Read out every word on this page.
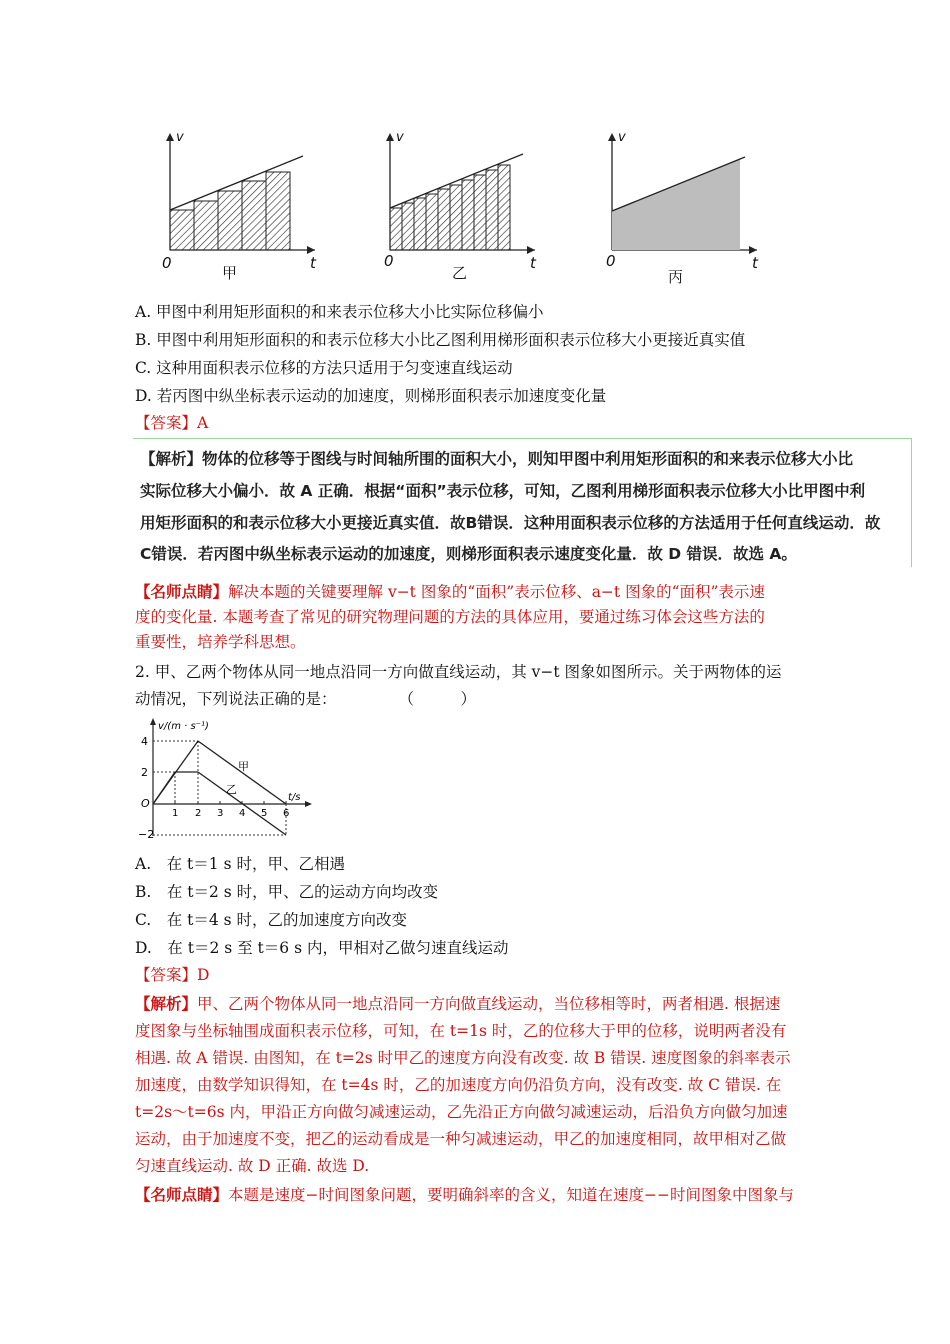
v
0	t
甲
v
0	t
乙
v
0	t
丙
A. 甲图中利用矩形面积的和来表示位移大小比实际位移偏小
B. 甲图中利用矩形面积的和表示位移大小比乙图利用梯形面积表示位移大小更接近真实值
C. 这种用面积表示位移的方法只适用于匀变速直线运动
D. 若丙图中纵坐标表示运动的加速度，则梯形面积表示加速度变化量
【答案】A
【解析】物体的位移等于图线与时间轴所围的面积大小，则知甲图中利用矩形面积的和来表示位移大小比
实际位移大小偏小．故 A 正确．根据“面积”表示位移，可知，乙图利用梯形面积表示位移大小比甲图中利
用矩形面积的和表示位移大小更接近真实值．故B错误．这种用面积表示位移的方法适用于任何直线运动．故
C错误．若丙图中纵坐标表示运动的加速度，则梯形面积表示速度变化量．故 D 错误．故选 A。
【名师点睛】解决本题的关键要理解 v−t 图象的“面积”表示位移、a−t 图象的“面积”表示速
度的变化量. 本题考查了常见的研究物理问题的方法的具体应用，要通过练习体会这些方法的
重要性，培养学科思想。
2. 甲、乙两个物体从同一地点沿同一方向做直线运动，其 v−t 图象如图所示。关于两物体的运
动情况，下列说法正确的是：　　　　　（　　　）
v/(m · s⁻¹)
t/s
O
4
2
−2
1 2 3 4 5 6
甲
乙
A.　在 t＝1 s 时，甲、乙相遇
B.　在 t＝2 s 时，甲、乙的运动方向均改变
C.　在 t＝4 s 时，乙的加速度方向改变
D.　在 t＝2 s 至 t＝6 s 内，甲相对乙做匀速直线运动
【答案】D
【解析】甲、乙两个物体从同一地点沿同一方向做直线运动，当位移相等时，两者相遇. 根据速
度图象与坐标轴围成面积表示位移，可知，在 t=1s 时，乙的位移大于甲的位移，说明两者没有
相遇. 故 A 错误. 由图知，在 t=2s 时甲乙的速度方向没有改变. 故 B 错误. 速度图象的斜率表示
加速度，由数学知识得知，在 t=4s 时，乙的加速度方向仍沿负方向，没有改变. 故 C 错误. 在
t=2s～t=6s 内，甲沿正方向做匀减速运动，乙先沿正方向做匀减速运动，后沿负方向做匀加速
运动，由于加速度不变，把乙的运动看成是一种匀减速运动，甲乙的加速度相同，故甲相对乙做
匀速直线运动. 故 D 正确. 故选 D.
【名师点睛】本题是速度−时间图象问题，要明确斜率的含义，知道在速度−−时间图象中图象与
